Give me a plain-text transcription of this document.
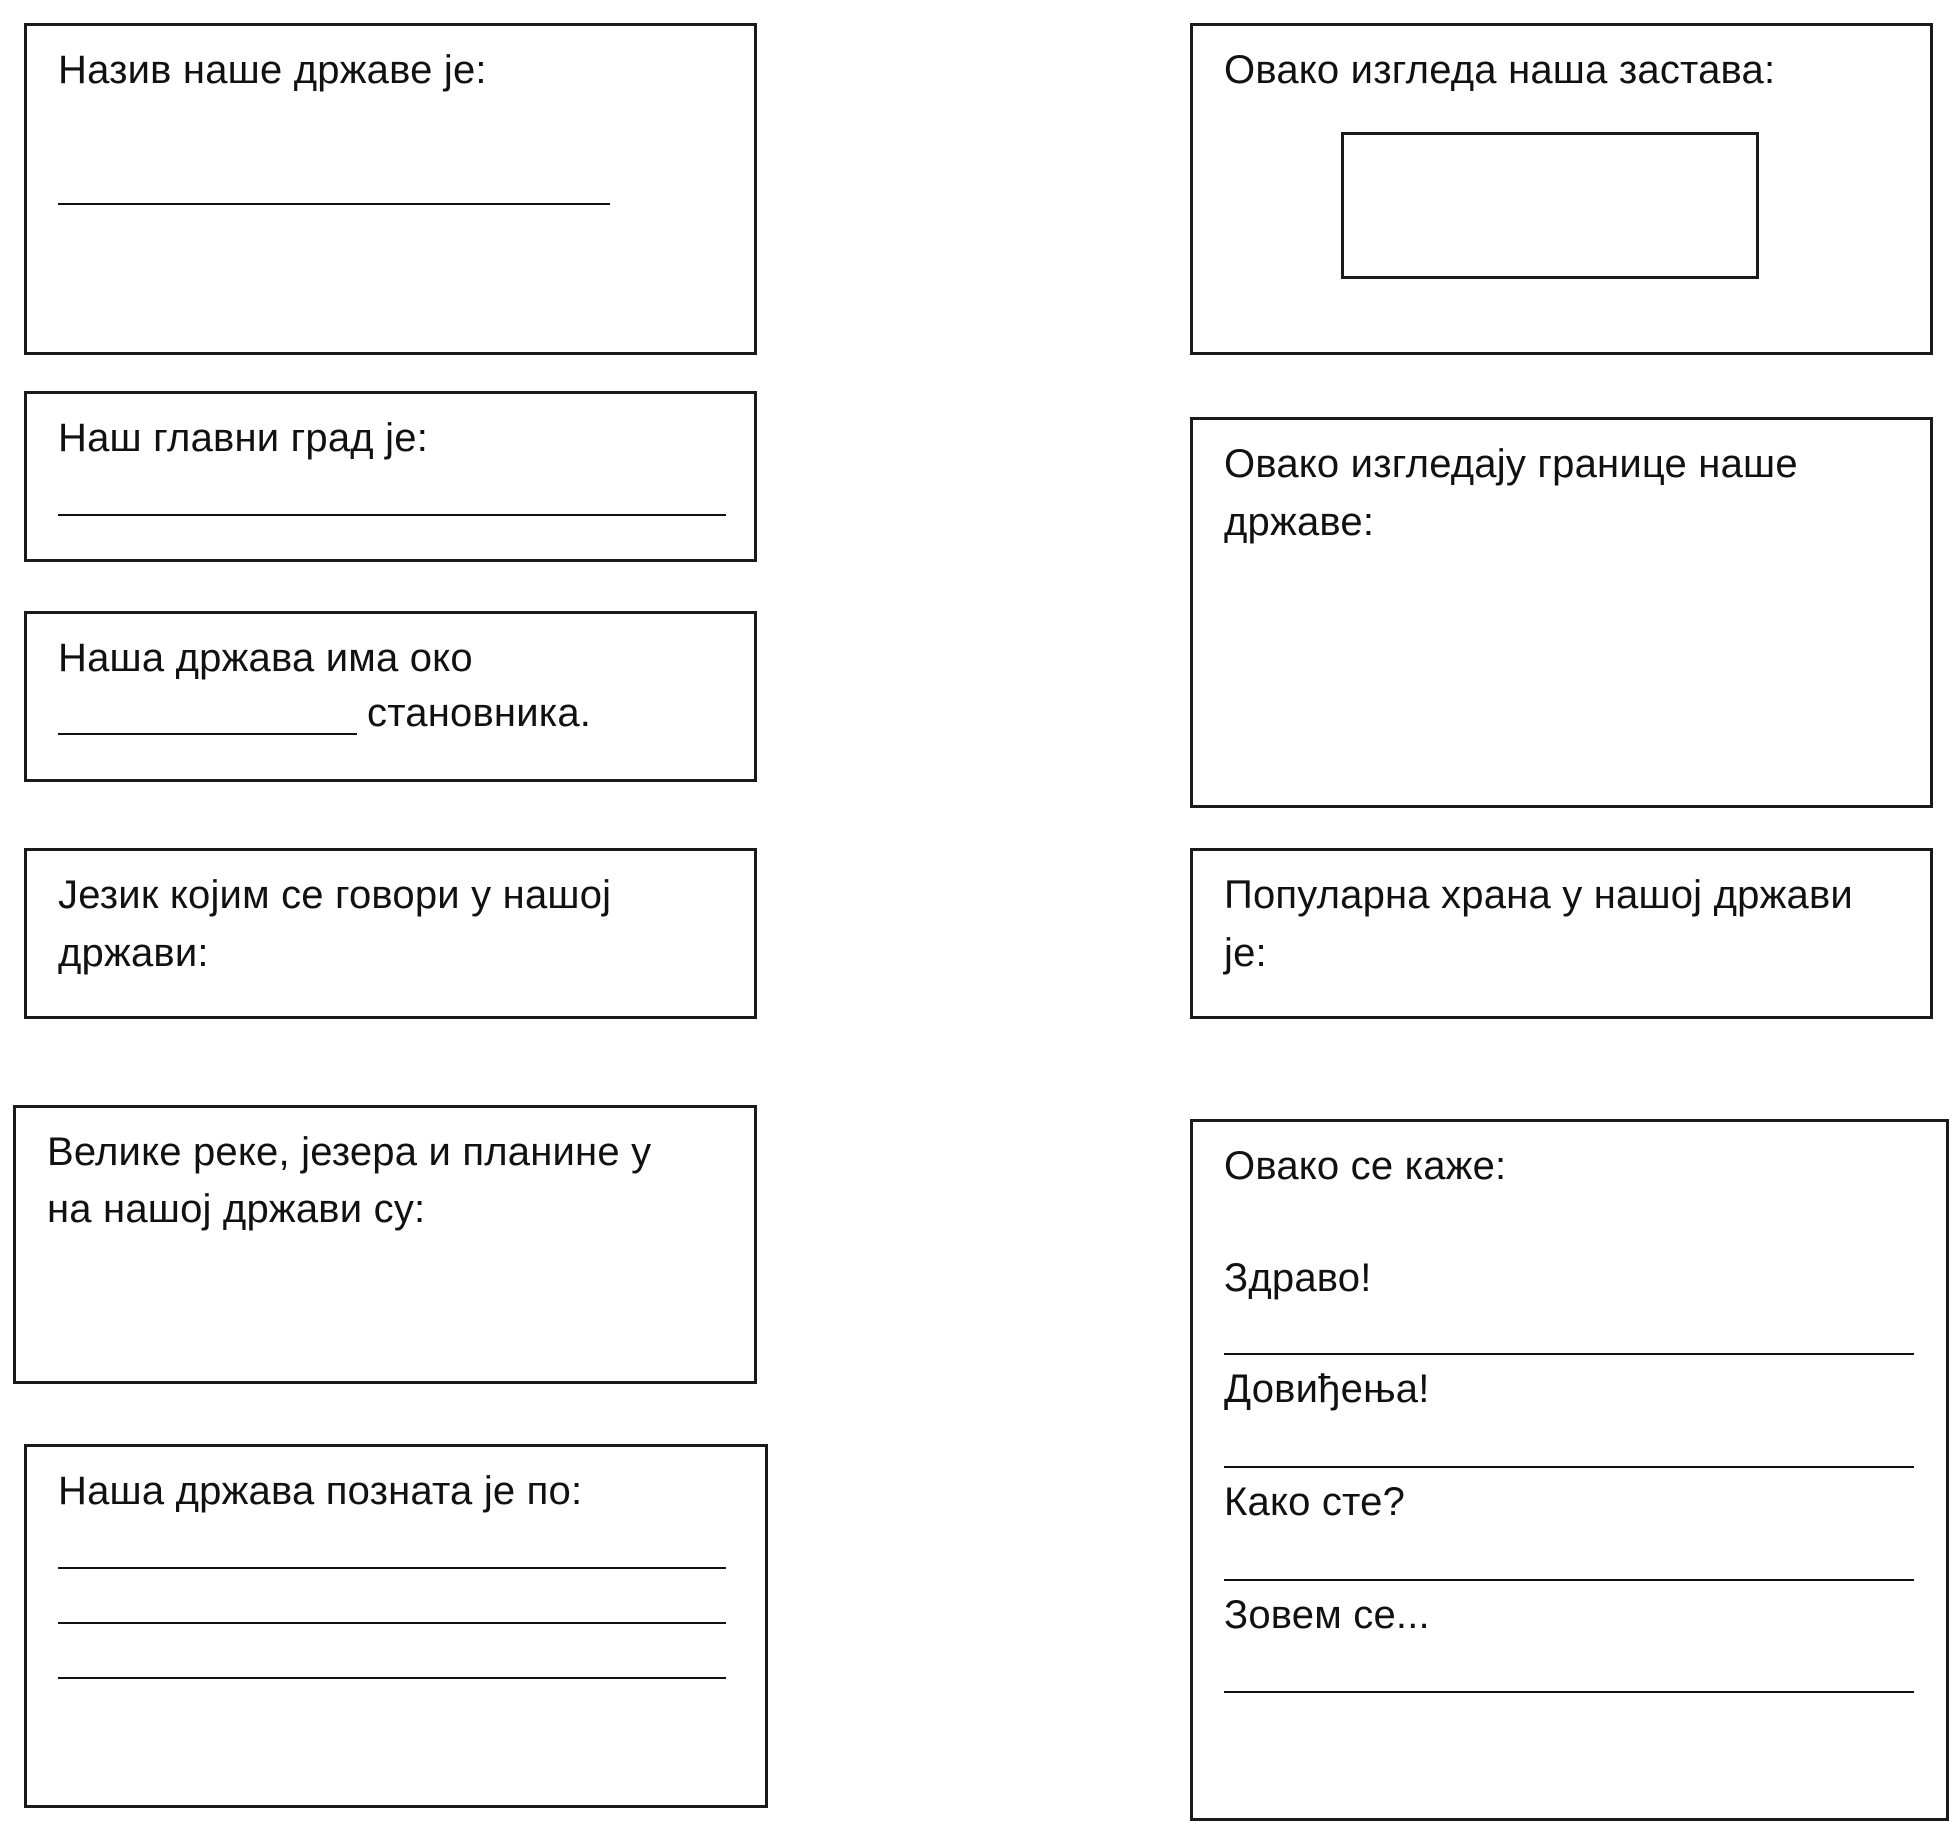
Назив наше државе је:
Наш главни град је:
Наша држава има око
становника.
Језик којим се говори у нашој
држави:
Велике реке, језера и планине у
на нашој држави су:
Наша држава позната је по:
Овако изгледа наша застава:
Овако изгледају границе наше
државе:
Популарна храна у нашој држави
је:
Овако се каже:
Здраво!
Довиђења!
Како сте?
Зовем се...
